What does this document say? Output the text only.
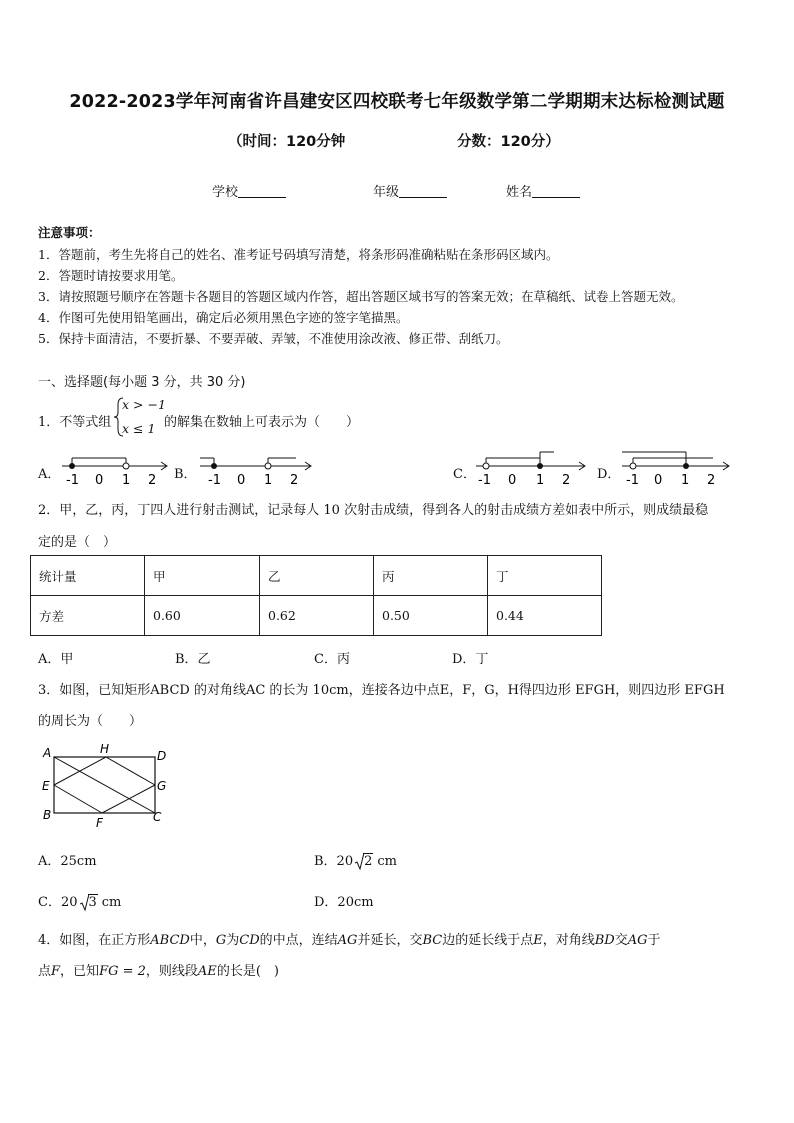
2022-2023学年河南省许昌建安区四校联考七年级数学第二学期期末达标检测试题
（时间：120分钟	分数：120分）
学校	年级	姓名
注意事项：
1．答题前，考生先将自己的姓名、准考证号码填写清楚，将条形码准确粘贴在条形码区域内。
2．答题时请按要求用笔。
3．请按照题号顺序在答题卡各题目的答题区域内作答，超出答题区域书写的答案无效；在草稿纸、试卷上答题无效。
4．作图可先使用铅笔画出，确定后必须用黑色字迹的签字笔描黑。
5．保持卡面清洁，不要折暴、不要弄破、弄皱，不准使用涂改液、修正带、刮纸刀。
一、选择题(每小题 3 分，共 30 分)
1．不等式组
x > −1
x ≤ 1 的解集在数轴上可表示为（　　）
A． -1 0 1 2 B． -1 0 1 2	C． -1 0 1 2 D． -1 0 1 2
2．甲，乙，丙，丁四人进行射击测试，记录每人 10 次射击成绩，得到各人的射击成绩方差如表中所示，则成绩最稳
定的是（　）
统计量	甲	乙	丙	丁
方差	0.60	0.62	0.50	0.44
A．甲	B．乙	C．丙	D．丁
3．如图，已知矩形ABCD 的对角线AC 的长为 10cm，连接各边中点E，F，G，H得四边形 EFGH，则四边形 EFGH
的周长为（　　）
A	H	D
E	G
B
F	C
A．25cm	B．20 2 cm
C．20 3 cm	D．20cm
4．如图，在正方形ABCD中，G为CD的中点，连结AG并延长，交BC边的延长线于点E，对角线BD交AG于
点F，已知FG = 2，则线段AE的长是(　)
